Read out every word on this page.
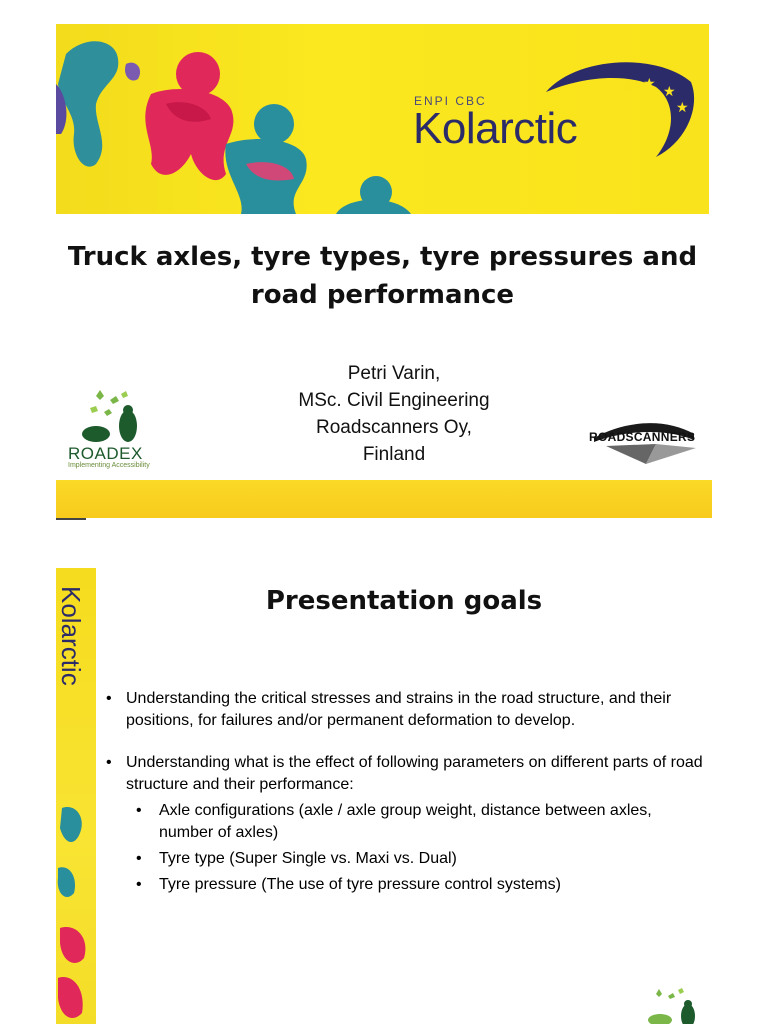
ENPI CBC
Kolarctic
★ ★ ★
★
Truck axles, tyre types, tyre pressures and road performance
Petri Varin,
MSc. Civil Engineering
Roadscanners Oy,
Finland
ROADEX
Implementing Accessibility
ROADSCANNERS
Kolarctic	Presentation goals
• Understanding the critical stresses and strains in the road structure, and their positions, for failures and/or permanent deformation to develop.
• Understanding what is the effect of following parameters on different parts of road structure and their performance:
• Axle configurations (axle / axle group weight, distance between axles, number of axles)
• Tyre type (Super Single vs. Maxi vs. Dual)
• Tyre pressure (The use of tyre pressure control systems)
